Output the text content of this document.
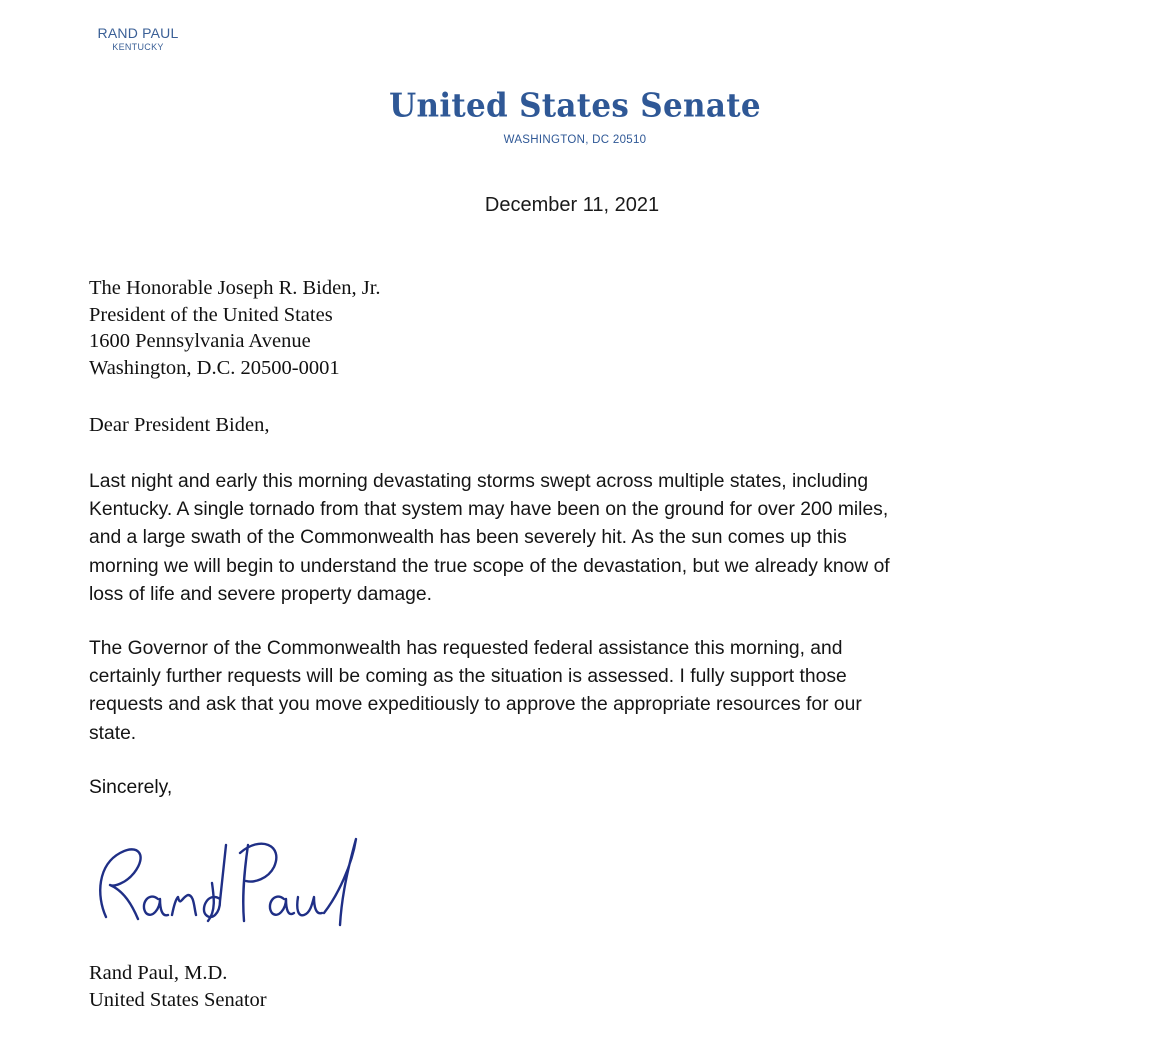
RAND PAUL
KENTUCKY
United States Senate
WASHINGTON, DC 20510
December 11, 2021
The Honorable Joseph R. Biden, Jr.
President of the United States
1600 Pennsylvania Avenue
Washington, D.C. 20500-0001
Dear President Biden,
Last night and early this morning devastating storms swept across multiple states, including
Kentucky. A single tornado from that system may have been on the ground for over 200 miles,
and a large swath of the Commonwealth has been severely hit. As the sun comes up this
morning we will begin to understand the true scope of the devastation, but we already know of
loss of life and severe property damage.
The Governor of the Commonwealth has requested federal assistance this morning, and
certainly further requests will be coming as the situation is assessed. I fully support those
requests and ask that you move expeditiously to approve the appropriate resources for our
state.
Sincerely,
Rand Paul, M.D.
United States Senator
